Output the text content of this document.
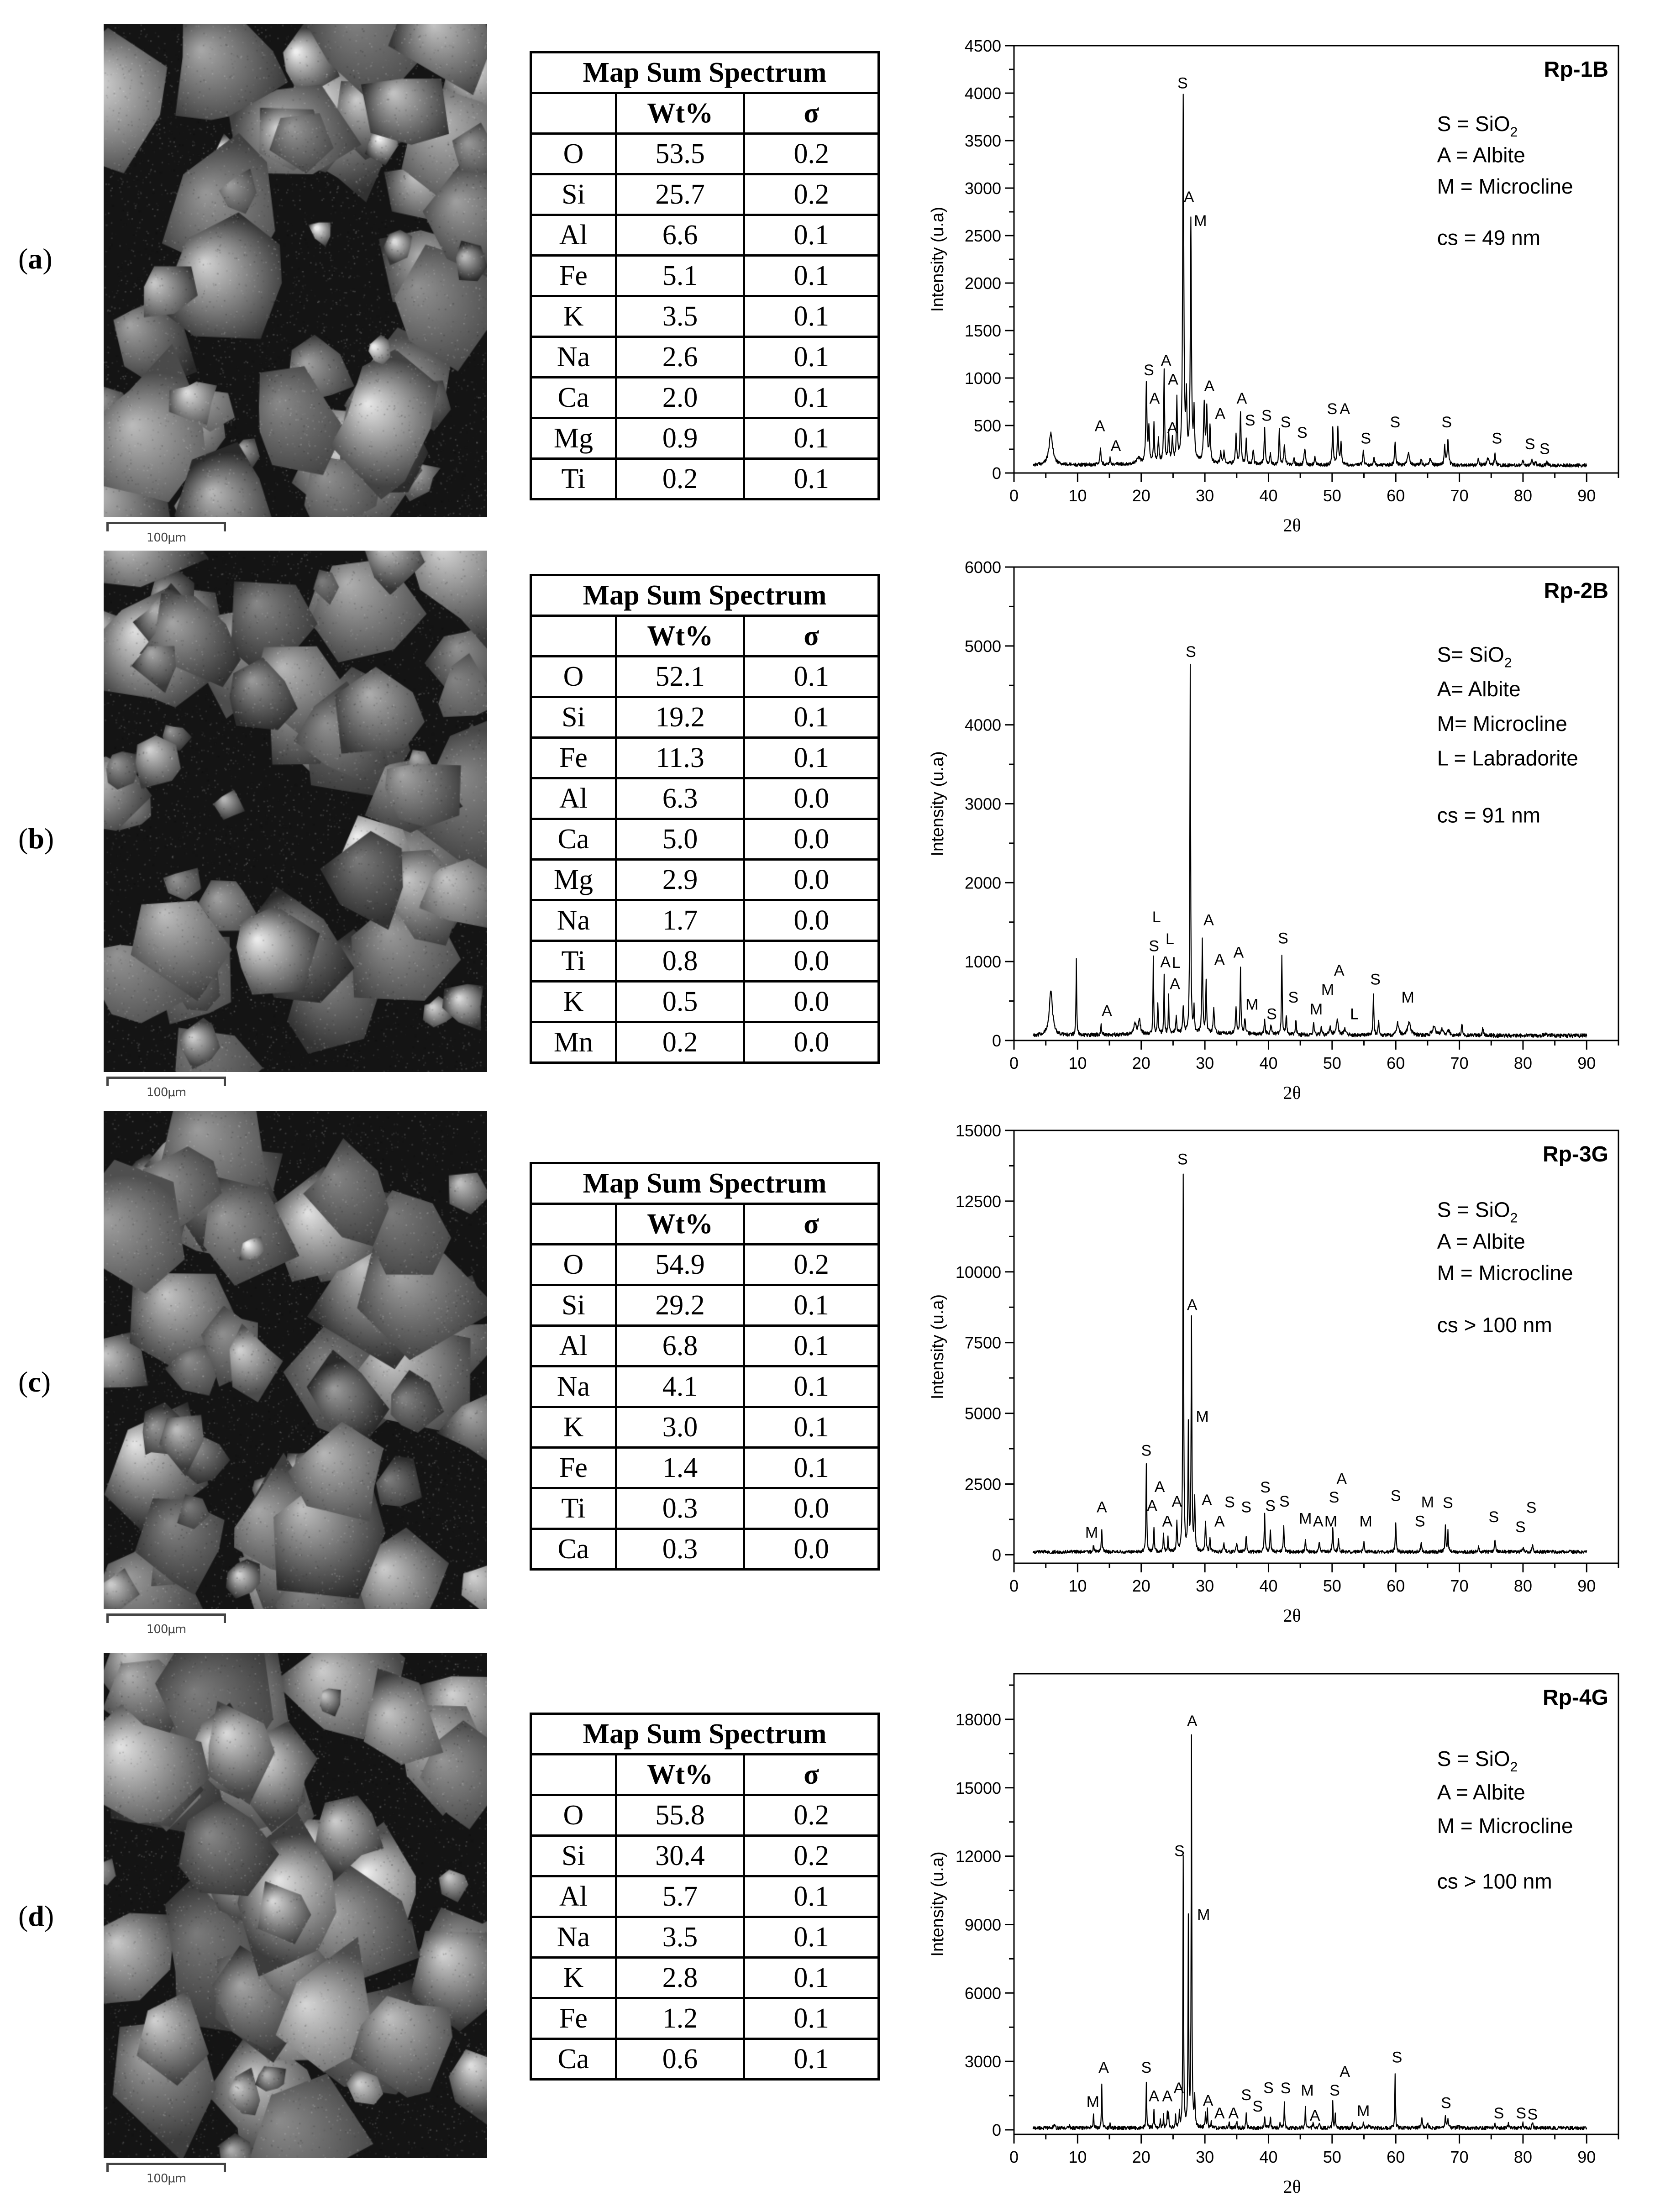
( a )
100μm
Map Sum Spectrum		
	Wt%	σ
O	53.5	0.2
Si	25.7	0.2
Al	6.6	0.1
Fe	5.1	0.1
K	3.5	0.1
Na	2.6	0.1
Ca	2.0	0.1
Mg	0.9	0.1
Ti	0.2	0.1
( b )
100μm
Map Sum Spectrum		
	Wt%	σ
O	52.1	0.1
Si	19.2	0.1
Fe	11.3	0.1
Al	6.3	0.0
Ca	5.0	0.0
Mg	2.9	0.0
Na	1.7	0.0
Ti	0.8	0.0
K	0.5	0.0
Mn	0.2	0.0
( c )
100μm
Map Sum Spectrum		
	Wt%	σ
O	54.9	0.2
Si	29.2	0.1
Al	6.8	0.1
Na	4.1	0.1
K	3.0	0.1
Fe	1.4	0.1
Ti	0.3	0.0
Ca	0.3	0.0
( d )
100μm
Map Sum Spectrum		
	Wt%	σ
O	55.8	0.2
Si	30.4	0.2
Al	5.7	0.1
Na	3.5	0.1
K	2.8	0.1
Fe	1.2	0.1
Ca	0.6	0.1
0
500
1000
1500
2000
2500
3000
3500
4000
4500
0	10	20	30	40	50	60	70	80	90
2θ
Intensity (u.a)
Rp-1B
S = SiO$_2$
A = Albite
M = Microcline
cs = 49 nm
S
A
M
S
A
A
A
A
A
A
A
S S S
S
S A
S
S	S
S S S
A
A
0
1000
2000
3000
4000
5000
6000
0	10	20	30	40	50	60	70	80	90
2θ
Intensity (u.a)
Rp-2B
S= SiO$_2$
A= Albite
M= Microcline
L = Labradorite
cs = 91 nm
S
L
S L
A L
A
A
A A
M
S
S
S
M
M
A
L
S
M
A
0
2500
5000
7500
10000
12500
15000
0	10	20	30	40	50	60	70	80	90
2θ
Intensity (u.a)
Rp-3G
S = SiO$_2$
A = Albite
M = Microcline
cs > 100 nm
S
A
M
S
M
A	A
A
A
A A
A
S S
S
S S
M A M
S
A
M
S
S
M S
S
S
S
0
3000
6000
9000
12000
15000
18000
0	10	20	30	40	50	60	70	80	90
2θ
Intensity (u.a)
Rp-4G
S = SiO$_2$
A = Albite
M = Microcline
cs > 100 nm
A
S
M
A
M
S
A A A
A
A A
S
S
S S M
A
S
A
M
S
S
S S S
